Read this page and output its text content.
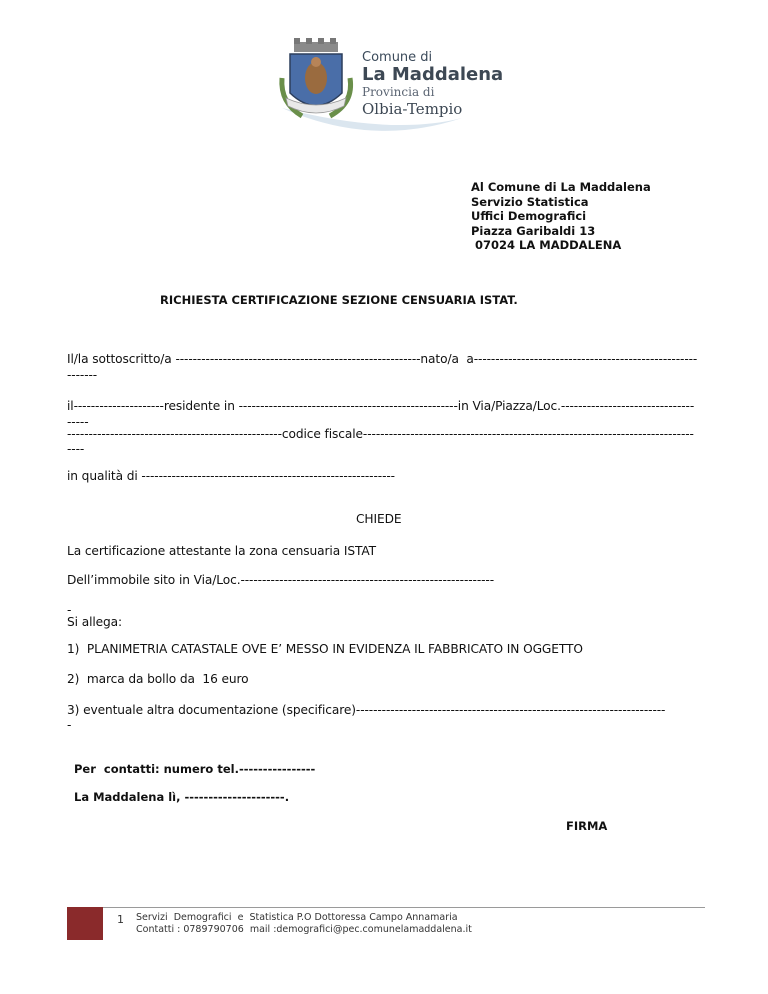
Comune di
La Maddalena
Provincia di
Olbia-Tempio
Al Comune di La Maddalena
Servizio Statistica
Uffici Demografici
Piazza Garibaldi 13
07024 LA MADDALENA
RICHIESTA CERTIFICAZIONE SEZIONE CENSUARIA ISTAT.
Il/la sottoscritto/a ---------------------------------------------------------nato/a  a----------------------------------------------------
-------
il---------------------residente in ---------------------------------------------------in Via/Piazza/Loc.-------------------------------
-----
--------------------------------------------------codice fiscale-----------------------------------------------------------------------------
----
in qualità di -----------------------------------------------------------
CHIEDE
La certificazione attestante la zona censuaria ISTAT
Dell’immobile sito in Via/Loc.-----------------------------------------------------------
-
Si allega:
1)  PLANIMETRIA CATASTALE OVE E’ MESSO IN EVIDENZA IL FABBRICATO IN OGGETTO
2)  marca da bollo da  16 euro
3) eventuale altra documentazione (specificare)------------------------------------------------------------------------
-
Per  contatti: numero tel.----------------
La Maddalena lì, ---------------------.
FIRMA
1 Servizi  Demografici  e  Statistica P.O Dottoressa Campo Annamaria
Contatti : 0789790706  mail :demografici@pec.comunelamaddalena.it
